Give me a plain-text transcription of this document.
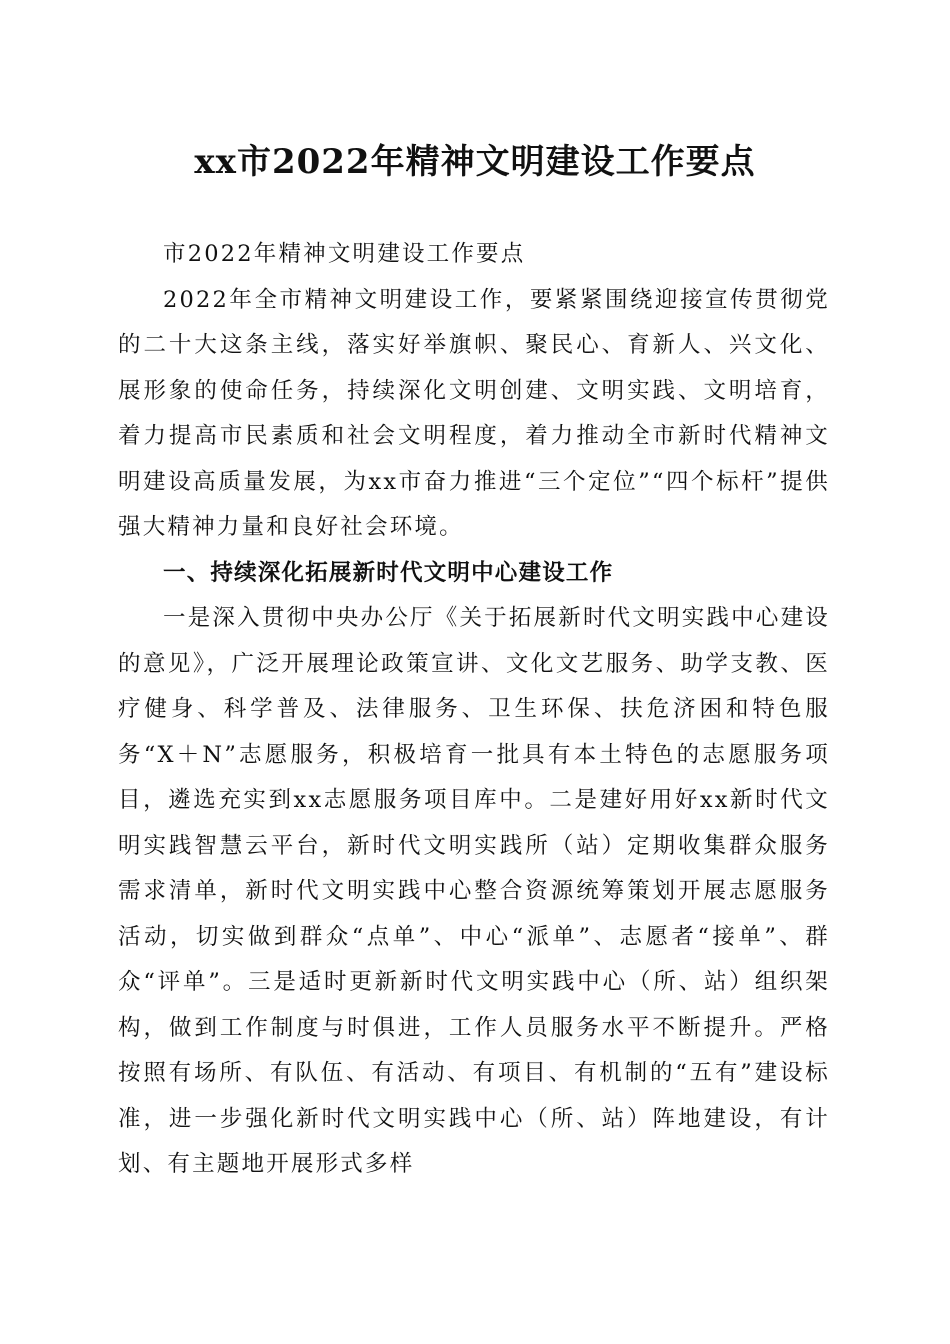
xx市2022年精神文明建设工作要点

市2022年精神文明建设工作要点

2022年全市精神文明建设工作，要紧紧围绕迎接宣传贯彻党的二十大这条主线，落实好举旗帜、聚民心、育新人、兴文化、展形象的使命任务，持续深化文明创建、文明实践、文明培育，着力提高市民素质和社会文明程度，着力推动全市新时代精神文明建设高质量发展，为xx市奋力推进“三个定位”“四个标杆”提供强大精神力量和良好社会环境。

一、持续深化拓展新时代文明中心建设工作

一是深入贯彻中央办公厅《关于拓展新时代文明实践中心建设的意见》，广泛开展理论政策宣讲、文化文艺服务、助学支教、医疗健身、科学普及、法律服务、卫生环保、扶危济困和特色服务“X＋N”志愿服务，积极培育一批具有本土特色的志愿服务项目，遴选充实到xx志愿服务项目库中。二是建好用好xx新时代文明实践智慧云平台，新时代文明实践所（站）定期收集群众服务需求清单，新时代文明实践中心整合资源统筹策划开展志愿服务活动，切实做到群众“点单”、中心“派单”、志愿者“接单”、群众“评单”。三是适时更新新时代文明实践中心（所、站）组织架构，做到工作制度与时俱进，工作人员服务水平不断提升。严格按照有场所、有队伍、有活动、有项目、有机制的“五有”建设标准，进一步强化新时代文明实践中心（所、站）阵地建设，有计划、有主题地开展形式多样
